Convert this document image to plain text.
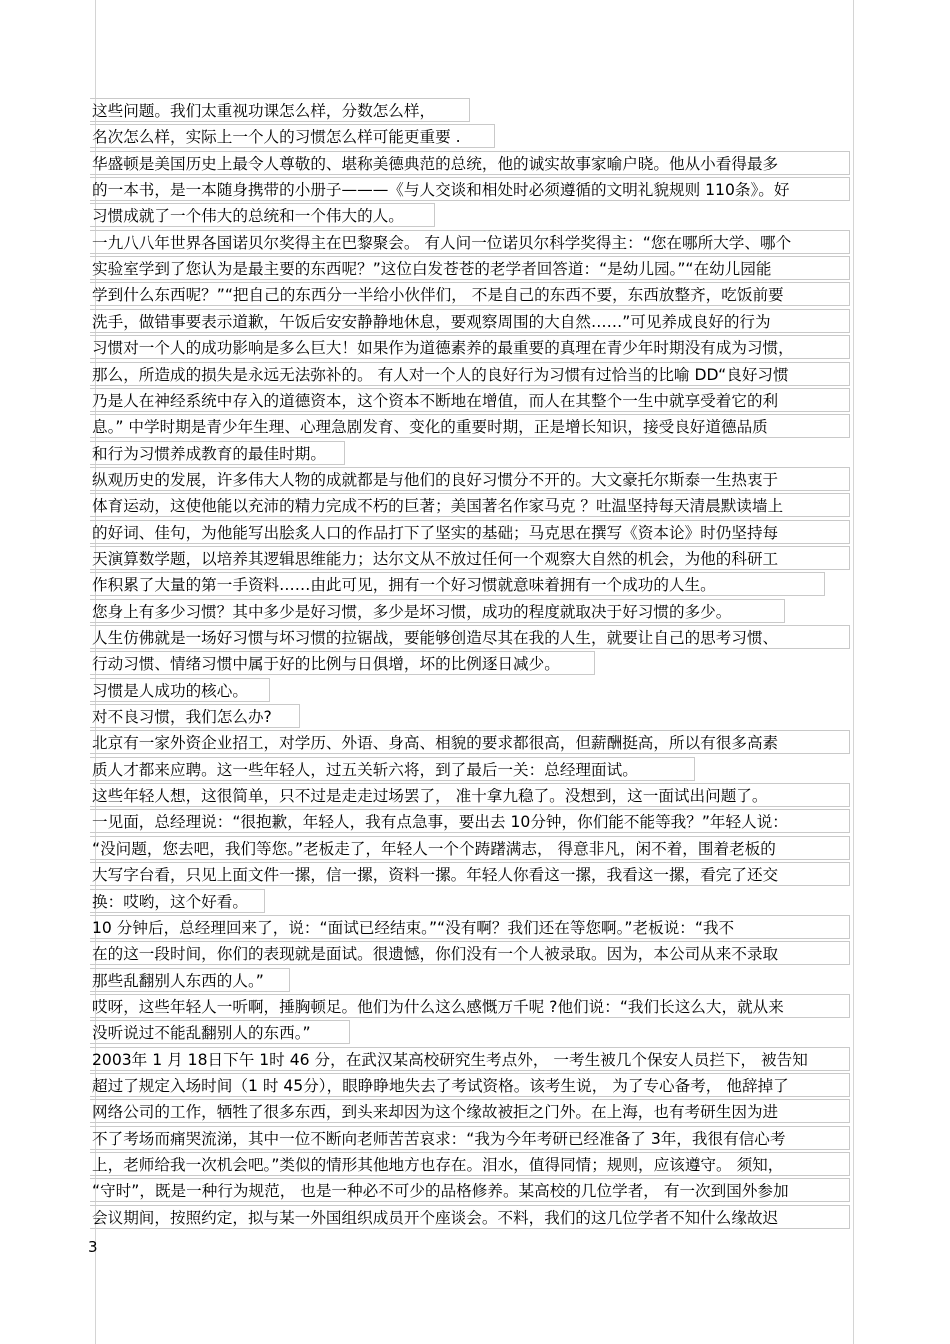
这些问题。我们太重视功课怎么样，分数怎么样，
名次怎么样，实际上一个人的习惯怎么样可能更重要 .
华盛顿是美国历史上最令人尊敬的、堪称美德典范的总统，他的诚实故事家喻户晓。他从小看得最多
的一本书，是一本随身携带的小册子———《与人交谈和相处时必须遵循的文明礼貌规则 110条》。好
习惯成就了一个伟大的总统和一个伟大的人。
一九八八年世界各国诺贝尔奖得主在巴黎聚会。 有人问一位诺贝尔科学奖得主：“您在哪所大学、哪个
实验室学到了您认为是最主要的东西呢？”这位白发苍苍的老学者回答道：“是幼儿园。”“在幼儿园能
学到什么东西呢？”“把自己的东西分一半给小伙伴们， 不是自己的东西不要，东西放整齐，吃饭前要
洗手，做错事要表示道歉，午饭后安安静静地休息，要观察周围的大自然……”可见养成良好的行为
习惯对一个人的成功影响是多么巨大！如果作为道德素养的最重要的真理在青少年时期没有成为习惯，
那么，所造成的损失是永远无法弥补的。 有人对一个人的良好行为习惯有过恰当的比喻 DD“良好习惯
乃是人在神经系统中存入的道德资本，这个资本不断地在增值，而人在其整个一生中就享受着它的利
息。” 中学时期是青少年生理、心理急剧发育、变化的重要时期，正是增长知识，接受良好道德品质
和行为习惯养成教育的最佳时期。
纵观历史的发展，许多伟大人物的成就都是与他们的良好习惯分不开的。大文豪托尔斯泰一生热衷于
体育运动，这使他能以充沛的精力完成不朽的巨著；美国著名作家马克 ？吐温坚持每天清晨默读墙上
的好词、佳句，为他能写出脍炙人口的作品打下了坚实的基础；马克思在撰写《资本论》时仍坚持每
天演算数学题，以培养其逻辑思维能力；达尔文从不放过任何一个观察大自然的机会，为他的科研工
作积累了大量的第一手资料……由此可见，拥有一个好习惯就意味着拥有一个成功的人生。
您身上有多少习惯？其中多少是好习惯，多少是坏习惯，成功的程度就取决于好习惯的多少。
人生仿佛就是一场好习惯与坏习惯的拉锯战，要能够创造尽其在我的人生，就要让自己的思考习惯、
行动习惯、情绪习惯中属于好的比例与日俱增，坏的比例逐日减少。
习惯是人成功的核心。
对不良习惯，我们怎么办?
北京有一家外资企业招工，对学历、外语、身高、相貌的要求都很高，但薪酬挺高，所以有很多高素
质人才都来应聘。这一些年轻人，过五关斩六将，到了最后一关：总经理面试。
这些年轻人想，这很简单，只不过是走走过场罢了， 准十拿九稳了。没想到，这一面试出问题了。
一见面，总经理说：“很抱歉，年轻人，我有点急事，要出去 10分钟，你们能不能等我？”年轻人说：
“没问题，您去吧，我们等您。”老板走了，年轻人一个个踌躇满志， 得意非凡，闲不着，围着老板的
大写字台看，只见上面文件一摞，信一摞，资料一摞。年轻人你看这一摞，我看这一摞，看完了还交
换：哎哟，这个好看。
10 分钟后，总经理回来了，说：“面试已经结束。”“没有啊？我们还在等您啊。”老板说：“我不
在的这一段时间，你们的表现就是面试。很遗憾，你们没有一个人被录取。因为，本公司从来不录取
那些乱翻别人东西的人。”
哎呀，这些年轻人一听啊，捶胸顿足。他们为什么这么感慨万千呢 ?他们说：“我们长这么大，就从来
没听说过不能乱翻别人的东西。”
2003年 1 月 18日下午 1时 46 分，在武汉某高校研究生考点外， 一考生被几个保安人员拦下， 被告知
超过了规定入场时间（1 时 45分），眼睁睁地失去了考试资格。该考生说， 为了专心备考， 他辞掉了
网络公司的工作，牺牲了很多东西，到头来却因为这个缘故被拒之门外。在上海，也有考研生因为进
不了考场而痛哭流涕，其中一位不断向老师苦苦哀求：“我为今年考研已经准备了 3年，我很有信心考
上，老师给我一次机会吧。”类似的情形其他地方也存在。泪水，值得同情；规则，应该遵守。 须知，
“守时”，既是一种行为规范， 也是一种必不可少的品格修养。某高校的几位学者， 有一次到国外参加
会议期间，按照约定，拟与某一外国组织成员开个座谈会。不料，我们的这几位学者不知什么缘故迟
3
